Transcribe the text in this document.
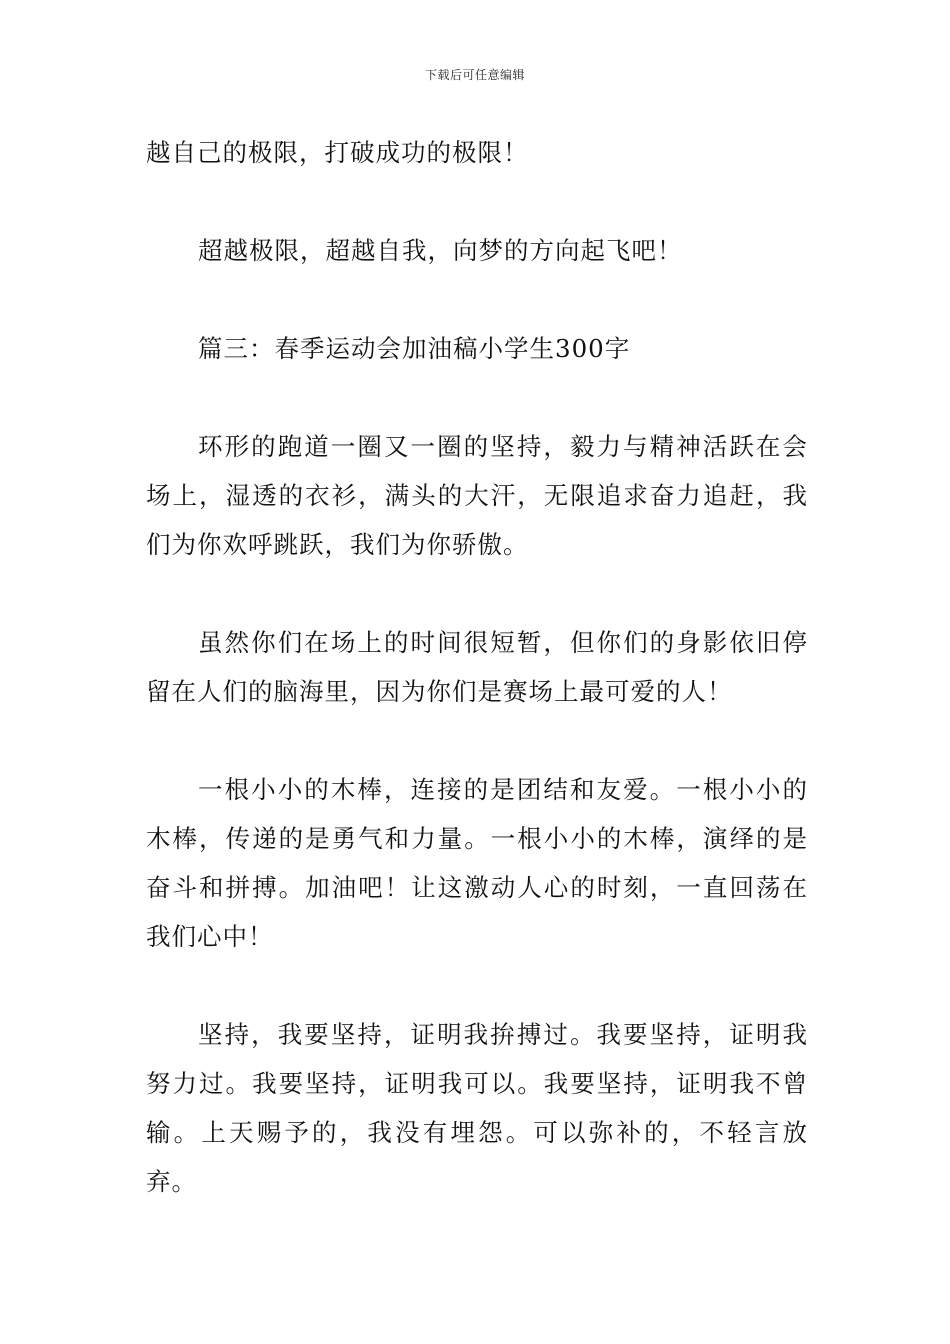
下载后可任意编辑

越自己的极限，打破成功的极限！

超越极限，超越自我，向梦的方向起飞吧！

篇三：春季运动会加油稿小学生300字

环形的跑道一圈又一圈的坚持，毅力与精神活跃在会场上，湿透的衣衫，满头的大汗，无限追求奋力追赶，我们为你欢呼跳跃，我们为你骄傲。

虽然你们在场上的时间很短暂，但你们的身影依旧停留在人们的脑海里，因为你们是赛场上最可爱的人！

一根小小的木棒，连接的是团结和友爱。一根小小的木棒，传递的是勇气和力量。一根小小的木棒，演绎的是奋斗和拼搏。加油吧！让这激动人心的时刻，一直回荡在我们心中！

坚持，我要坚持，证明我拚搏过。我要坚持，证明我努力过。我要坚持，证明我可以。我要坚持，证明我不曾输。上天赐予的，我没有埋怨。可以弥补的，不轻言放弃。
